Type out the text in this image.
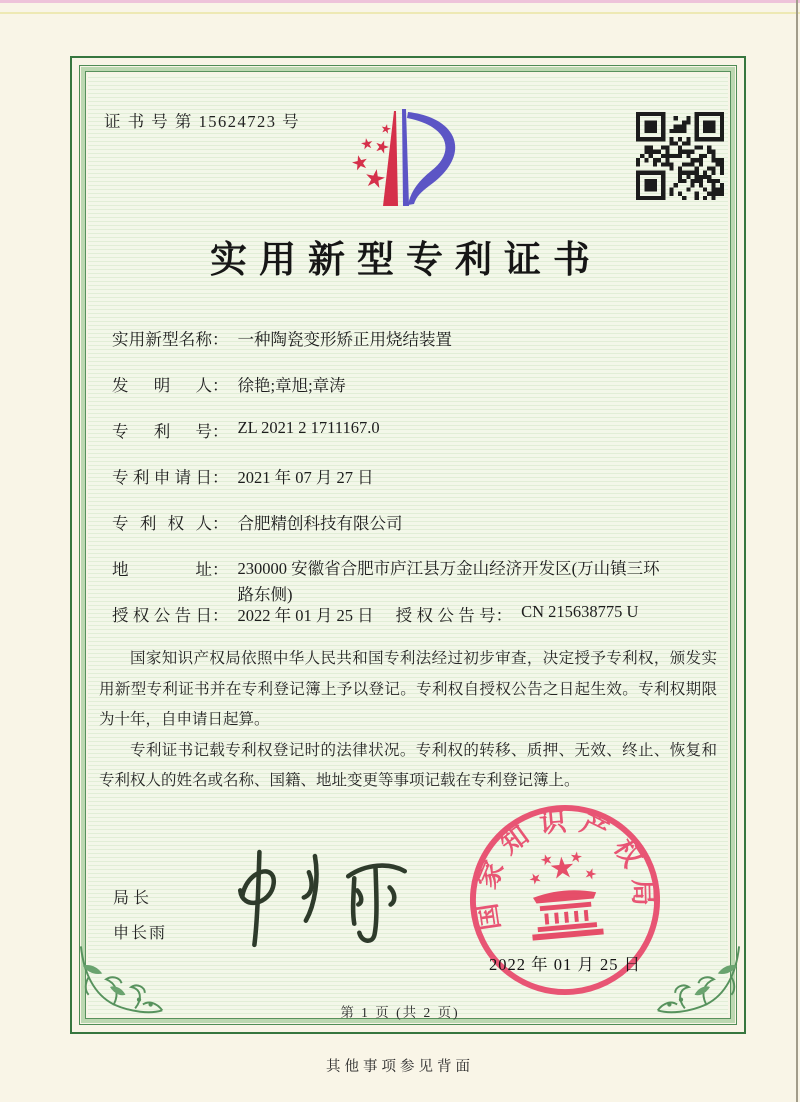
证 书 号 第 15624723 号
实用新型专利证书
实用新型名称： 一种陶瓷变形矫正用烧结装置
发明人： 徐艳;章旭;章涛
专利号： ZL 2021 2 1711167.0
专利申请日： 2021 年 07 月 27 日
专利权人： 合肥精创科技有限公司
地址： 230000 安徽省合肥市庐江县万金山经济开发区(万山镇三环路东侧)
授权公告日： 2022 年 01 月 25 日 授权公告号： CN 215638775 U

国家知识产权局依照中华人民共和国专利法经过初步审查，决定授予专利权，颁发实用新型专利证书并在专利登记簿上予以登记。专利权自授权公告之日起生效。专利权期限为十年，自申请日起算。

专利证书记载专利权登记时的法律状况。专利权的转移、质押、无效、终止、恢复和专利权人的姓名或名称、国籍、地址变更等事项记载在专利登记簿上。

局长
申长雨
国家知识产权局
2022 年 01 月 25 日
第 1 页 (共 2 页)
其他事项参见背面
